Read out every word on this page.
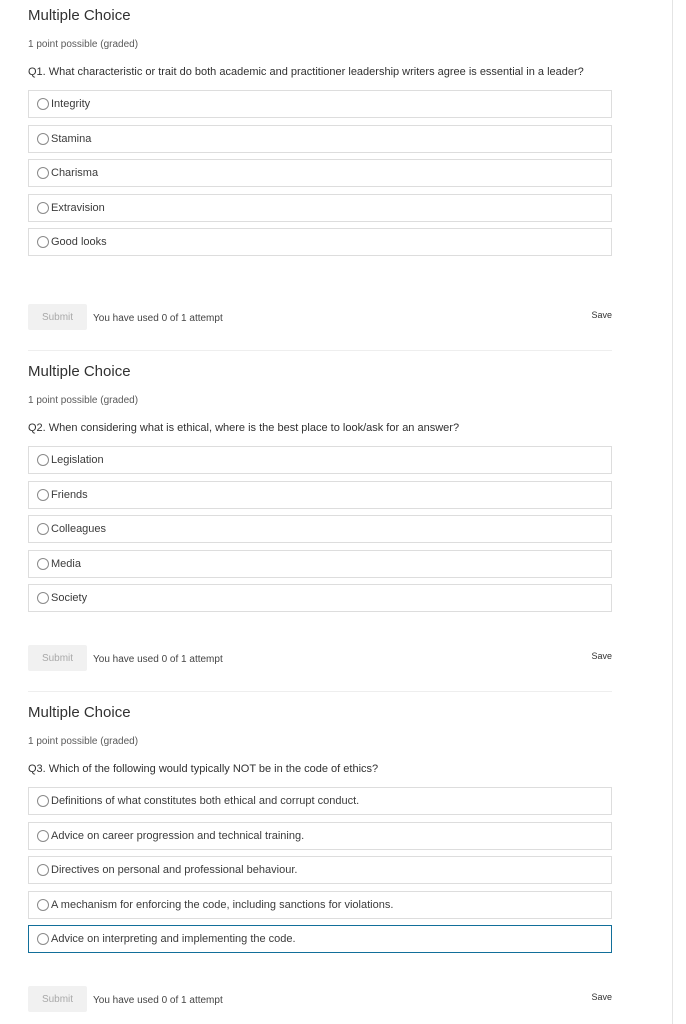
Multiple Choice
1 point possible (graded)
Q1. What characteristic or trait do both academic and practitioner leadership writers agree is essential in a leader?
Integrity
Stamina
Charisma
Extravision
Good looks
Submit	You have used 0 of 1 attempt	Save
Multiple Choice
1 point possible (graded)
Q2. When considering what is ethical, where is the best place to look/ask for an answer?
Legislation
Friends
Colleagues
Media
Society
Submit	You have used 0 of 1 attempt	Save
Multiple Choice
1 point possible (graded)
Q3. Which of the following would typically NOT be in the code of ethics?
Definitions of what constitutes both ethical and corrupt conduct.
Advice on career progression and technical training.
Directives on personal and professional behaviour.
A mechanism for enforcing the code, including sanctions for violations.
Advice on interpreting and implementing the code.
Submit	You have used 0 of 1 attempt	Save
